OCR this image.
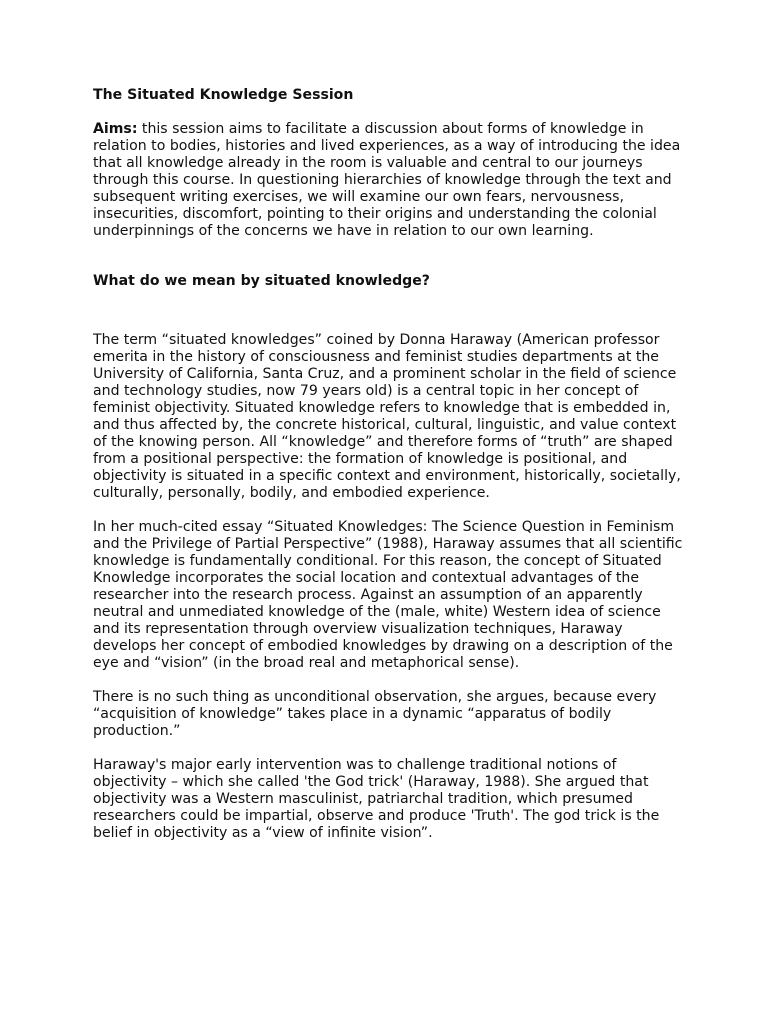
The Situated Knowledge Session

Aims: this session aims to facilitate a discussion about forms of knowledge in relation to bodies, histories and lived experiences, as a way of introducing the idea that all knowledge already in the room is valuable and central to our journeys through this course. In questioning hierarchies of knowledge through the text and subsequent writing exercises, we will examine our own fears, nervousness, insecurities, discomfort, pointing to their origins and understanding the colonial underpinnings of the concerns we have in relation to our own learning.

What do we mean by situated knowledge?

The term “situated knowledges” coined by Donna Haraway (American professor emerita in the history of consciousness and feminist studies departments at the University of California, Santa Cruz, and a prominent scholar in the field of science and technology studies, now 79 years old) is a central topic in her concept of feminist objectivity. Situated knowledge refers to knowledge that is embedded in, and thus affected by, the concrete historical, cultural, linguistic, and value context of the knowing person. All “knowledge” and therefore forms of “truth” are shaped from a positional perspective: the formation of knowledge is positional, and objectivity is situated in a specific context and environment, historically, societally, culturally, personally, bodily, and embodied experience.

In her much-cited essay “Situated Knowledges: The Science Question in Feminism and the Privilege of Partial Perspective” (1988), Haraway assumes that all scientific knowledge is fundamentally conditional. For this reason, the concept of Situated Knowledge incorporates the social location and contextual advantages of the researcher into the research process. Against an assumption of an apparently neutral and unmediated knowledge of the (male, white) Western idea of science and its representation through overview visualization techniques, Haraway develops her concept of embodied knowledges by drawing on a description of the eye and “vision” (in the broad real and metaphorical sense).

There is no such thing as unconditional observation, she argues, because every “acquisition of knowledge” takes place in a dynamic “apparatus of bodily production.”

Haraway's major early intervention was to challenge traditional notions of objectivity – which she called 'the God trick' (Haraway, 1988). She argued that objectivity was a Western masculinist, patriarchal tradition, which presumed researchers could be impartial, observe and produce 'Truth'. The god trick is the belief in objectivity as a “view of infinite vision”.
